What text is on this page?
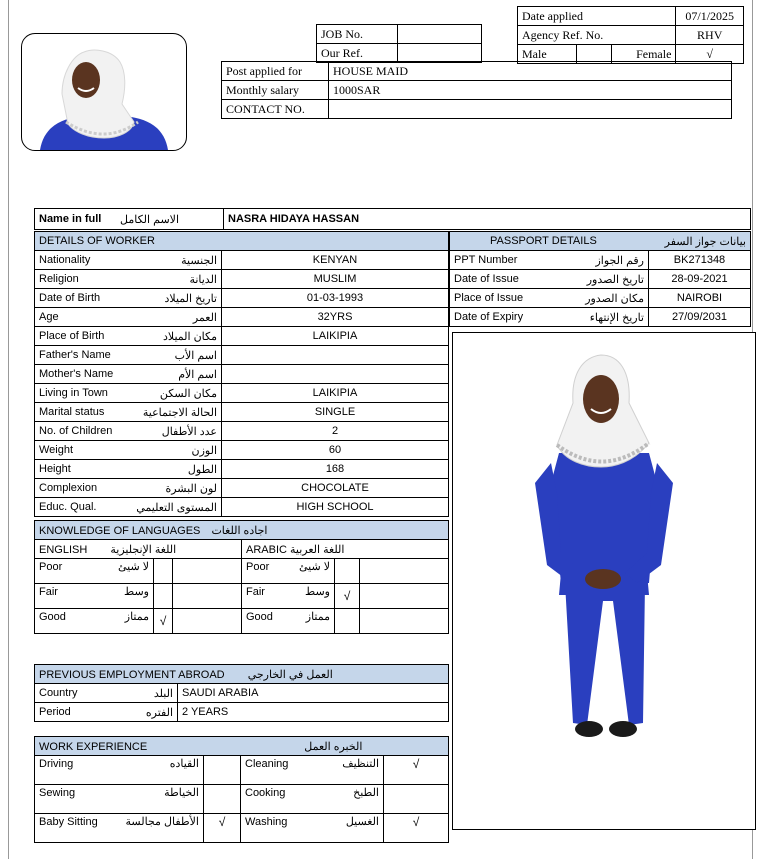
JOB No.	
Our Ref.	
Date applied			07/1/2025
Agency Ref. No.			RHV
Male		Female	√
Post applied for	HOUSE MAID
Monthly salary	1000SAR
CONTACT NO.	
Name in full الاسم الكامل	NASRA HIDAYA HASSAN
DETAILS OF WORKER	

Nationality الجنسية	KENYAN

Religion الديانة	MUSLIM

Date of Birth تاريخ الميلاد	01-03-1993

Age العمر	32YRS

Place of Birth مكان الميلاد	LAIKIPIA

Father's Name اسم الأب	

Mother's Name اسم الأم	

Living in Town مكان السكن	LAIKIPIA

Marital status الحالة الاجتماعية	SINGLE

No. of Children عدد الأطفال	2

Weight الوزن	60

Height الطول	168

Complexion لون البشرة	CHOCOLATE

Educ. Qual. المستوى التعليمي	HIGH SCHOOL
PASSPORT DETAILS بيانات جواز السفر	

PPT Number رقم الجواز	BK271348

Date of Issue تاريخ الصدور	28-09-2021

Place of Issue مكان الصدور	NAIROBI

Date of Expiry تاريخ الإنتهاء	27/09/2031
KNOWLEDGE OF LANGUAGES اجاده اللغات					
ENGLISH اللغة الإنجليزية			ARABIC اللغة العربية		

Poor لا شيئ			Poor لا شيئ		

Fair وسط			Fair وسط	√	

Good ممتاز	√		Good ممتاز		

PREVIOUS EMPLOYMENT ABROAD العمل في الخارجي	

Country البلد	SAUDI ARABIA

Period الفتره	2 YEARS
WORK EXPERIENCE الخبره العمل			

Driving القياده		Cleaning التنظيف	√

Sewing الخياطة		Cooking الطبخ	

Baby Sitting الأطفال مجالسة	√	Washing الغسيل	√
